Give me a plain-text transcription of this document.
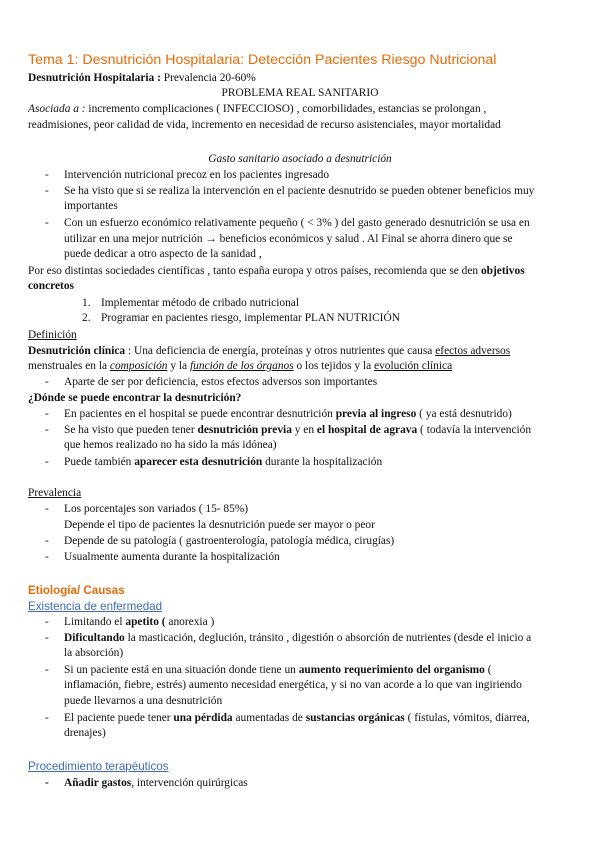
Tema 1: Desnutrición Hospitalaria: Detección Pacientes Riesgo Nutricional
Desnutrición Hospitalaria : Prevalencia 20-60%
PROBLEMA REAL SANITARIO
Asociada a : incremento complicaciones ( INFECCIOSO) , comorbilidades, estancias se prolongan ,
readmisiones, peor calidad de vida, incremento en necesidad de recurso asistenciales, mayor mortalidad
Gasto sanitario asociado a desnutrición
- Intervención nutricional precoz en los pacientes ingresado
- Se ha visto que si se realiza la intervención en el paciente desnutrido se pueden obtener beneficios muy
importantes
- Con un esfuerzo económico relativamente pequeño ( < 3% ) del gasto generado desnutrición se usa en
utilizar en una mejor nutrición → beneficios económicos y salud . Al Final se ahorra dinero que se
puede dedicar a otro aspecto de la sanidad ,
Por eso distintas sociedades científicas , tanto españa europa y otros países, recomienda que se den objetivos
concretos
1. Implementar método de cribado nutricional
2. Programar en pacientes riesgo, implementar PLAN NUTRICIÓN
Definición
Desnutrición clínica : Una deficiencia de energía, proteínas y otros nutrientes que causa efectos adversos
menstruales en la composición y la función de los órganos o los tejidos y la evolución clínica
- Aparte de ser por deficiencia, estos efectos adversos son importantes
¿Dónde se puede encontrar la desnutrición?
- En pacientes en el hospital se puede encontrar desnutrición previa al ingreso ( ya está desnutrido)
- Se ha visto que pueden tener desnutrición previa y en el hospital de agrava ( todavía la intervención
que hemos realizado no ha sido la más idónea)
- Puede también aparecer esta desnutrición durante la hospitalización
Prevalencia
- Los porcentajes son variados ( 15- 85%)
Depende el tipo de pacientes la desnutrición puede ser mayor o peor
- Depende de su patología ( gastroenterología, patología médica, cirugías)
- Usualmente aumenta durante la hospitalización
Etiología/ Causas
Existencia de enfermedad
- Limitando el apetito ( anorexia )
- Dificultando la masticación, deglución, tránsito , digestión o absorción de nutrientes (desde el inicio a
la absorción)
- Si un paciente está en una situación donde tiene un aumento requerimiento del organismo (
inflamación, fiebre, estrés) aumento necesidad energética, y si no van acorde a lo que van ingiriendo
puede llevarnos a una desnutrición
- El paciente puede tener una pérdida aumentadas de sustancias orgánicas ( fístulas, vómitos, diarrea,
drenajes)
Procedimiento terapéuticos
- Añadir gastos, intervención quirúrgicas
